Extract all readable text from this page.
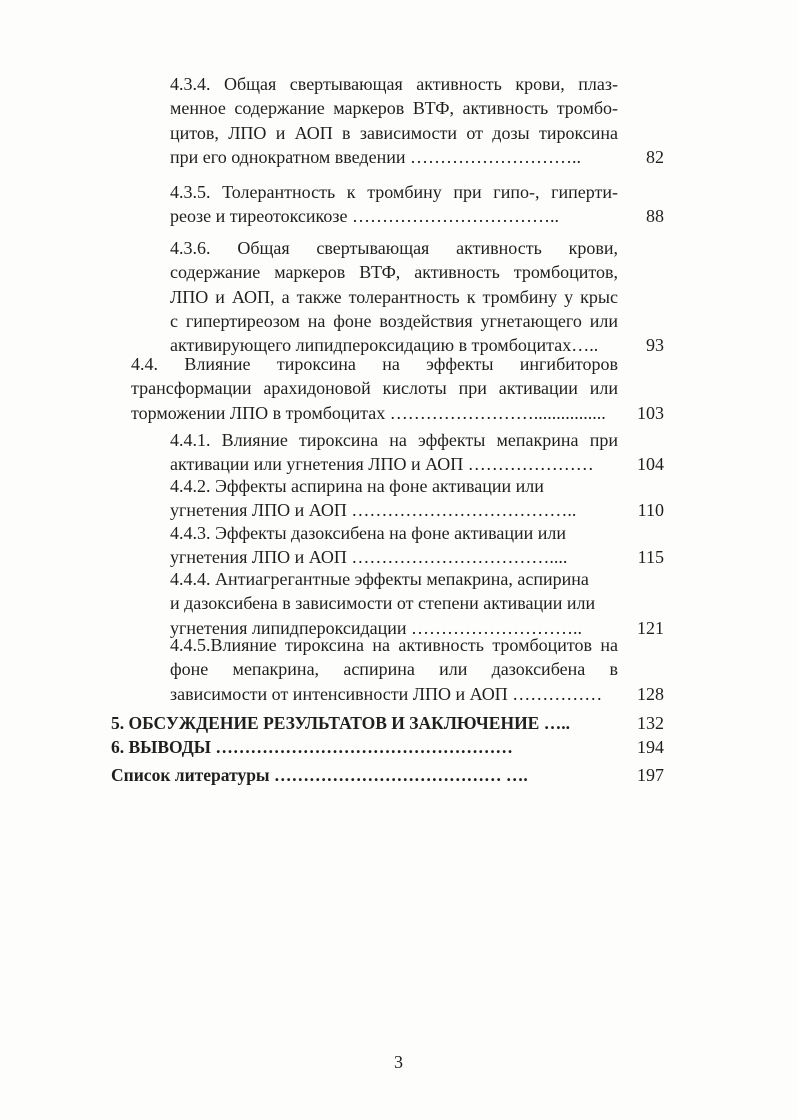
4.3.4. Общая свертывающая активность крови, плаз-
менное содержание маркеров ВТФ, активность тромбо-
цитов, ЛПО и АОП в зависимости от дозы тироксина
при его однократном введении ………………………..	82
4.3.5. Толерантность к тромбину при гипо-, гиперти-
реозе и тиреотоксикозе ……………………………..	88
4.3.6. Общая свертывающая активность крови,
содержание маркеров ВТФ, активность тромбоцитов,
ЛПО и АОП, а также толерантность к тромбину у крыс
с гипертиреозом на фоне воздействия угнетающего или
активирующего липидпероксидацию в тромбоцитах…..	93
4.4. Влияние тироксина на эффекты ингибиторов
трансформации арахидоновой кислоты при активации или
торможении ЛПО в тромбоцитах ……………………................	103
4.4.1. Влияние тироксина на эффекты мепакрина при
активации или угнетения ЛПО и АОП …………………	104
4.4.2. Эффекты аспирина на фоне активации или
угнетения ЛПО и АОП ………………………………..	110
4.4.3. Эффекты дазоксибена на фоне активации или
угнетения ЛПО и АОП ……………………………....	115
4.4.4. Антиагрегантные эффекты мепакрина, аспирина
и дазоксибена в зависимости от степени активации или
угнетения липидпероксидации ………………………..	121
4.4.5.Влияние тироксина на активность тромбоцитов на
фоне мепакрина, аспирина или дазоксибена в
зависимости от интенсивности ЛПО и АОП ……………	128
5. ОБСУЖДЕНИЕ РЕЗУЛЬТАТОВ И ЗАКЛЮЧЕНИЕ …..	132
6. ВЫВОДЫ ……………………………………………	194
Список литературы ………………………………… ….	197
3
